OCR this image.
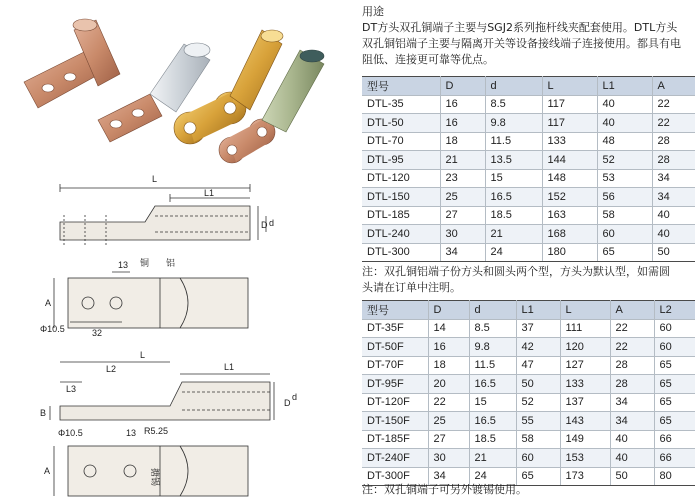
L
L1
D d
A
13 铜 铝
Φ10.5	32
L
L2	L1
L3
B
D
d
Φ10.5	13 R5.25
A	搪锡
用途
DT方头双孔铜端子主要与SGJ2系列拖杆线夹配套使用。DTL方头
双孔铜铝端子主要与隔离开关等设备接线端子连接使用。都具有电
阻低、连接更可靠等优点。
型号	D	d	L	L1	A
DTL-35	16	8.5	117	40	22
DTL-50	16	9.8	117	40	22
DTL-70	18	11.5	133	48	28
DTL-95	21	13.5	144	52	28
DTL-120	23	15	148	53	34
DTL-150	25	16.5	152	56	34
DTL-185	27	18.5	163	58	40
DTL-240	30	21	168	60	40
DTL-300	34	24	180	65	50
注：双孔铜铝端子份方头和圆头两个型，方头为默认型，如需圆
头请在订单中注明。
型号	D	d	L1	L	A	L2
DT-35F	14	8.5	37	111	22	60
DT-50F	16	9.8	42	120	22	60
DT-70F	18	11.5	47	127	28	65
DT-95F	20	16.5	50	133	28	65
DT-120F	22	15	52	137	34	65
DT-150F	25	16.5	55	143	34	65
DT-185F	27	18.5	58	149	40	66
DT-240F	30	21	60	153	40	66
DT-300F	34	24	65	173	50	80
注：双孔铜端子可另外镀锡使用。
